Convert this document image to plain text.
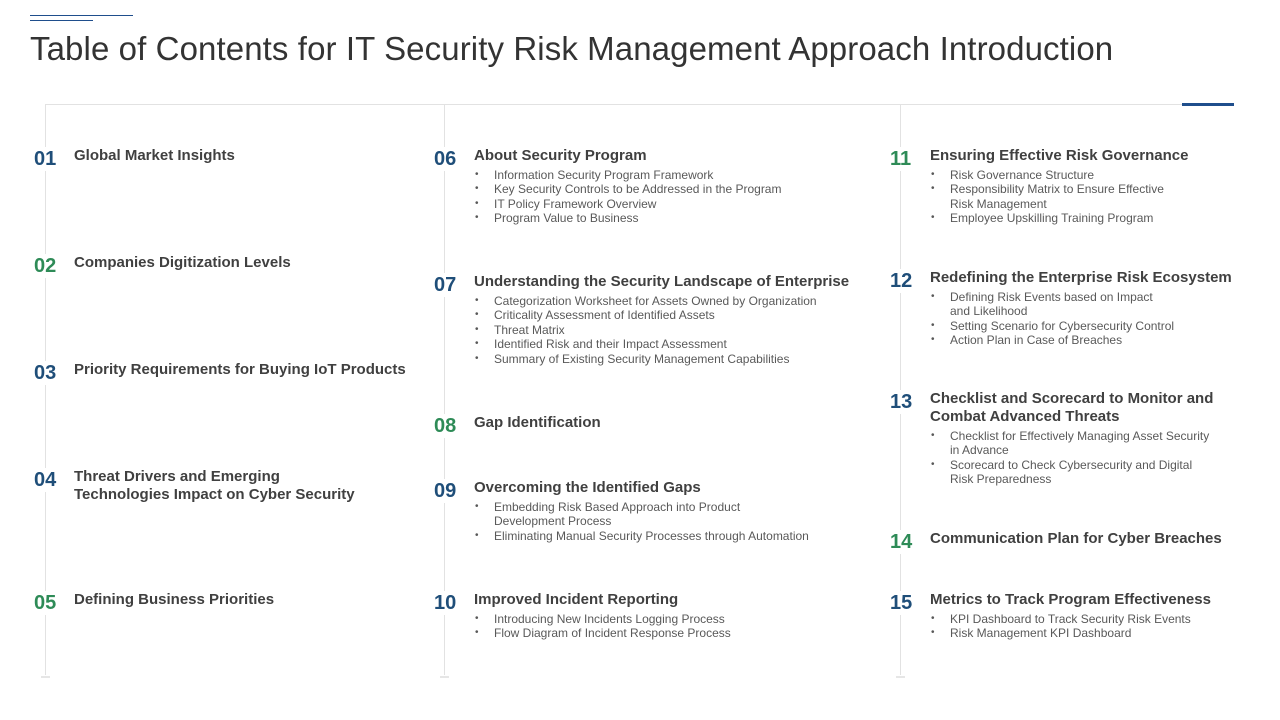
Table of Contents for IT Security Risk Management Approach Introduction
01	Global Market Insights
02	Companies Digitization Levels
03	Priority Requirements for Buying IoT Products
04	Threat Drivers and Emerging
Technologies Impact on Cyber Security
05	Defining Business Priorities
06	About Security Program
• Information Security Program Framework
• Key Security Controls to be Addressed in the Program
• IT Policy Framework Overview
• Program Value to Business
07	Understanding the Security Landscape of Enterprise
• Categorization Worksheet for Assets Owned by Organization
• Criticality Assessment of Identified Assets
• Threat Matrix
• Identified Risk and their Impact Assessment
• Summary of Existing Security Management Capabilities
08	Gap Identification
09	Overcoming the Identified Gaps
• Embedding Risk Based Approach into Product
Development Process
• Eliminating Manual Security Processes through Automation
10	Improved Incident Reporting
• Introducing New Incidents Logging Process
• Flow Diagram of Incident Response Process
11	Ensuring Effective Risk Governance
• Risk Governance Structure
• Responsibility Matrix to Ensure Effective
Risk Management
• Employee Upskilling Training Program
12	Redefining the Enterprise Risk Ecosystem
• Defining Risk Events based on Impact
and Likelihood
• Setting Scenario for Cybersecurity Control
• Action Plan in Case of Breaches
13	Checklist and Scorecard to Monitor and
Combat Advanced Threats
• Checklist for Effectively Managing Asset Security
in Advance
• Scorecard to Check Cybersecurity and Digital
Risk Preparedness
14	Communication Plan for Cyber Breaches
15	Metrics to Track Program Effectiveness
• KPI Dashboard to Track Security Risk Events
• Risk Management KPI Dashboard
